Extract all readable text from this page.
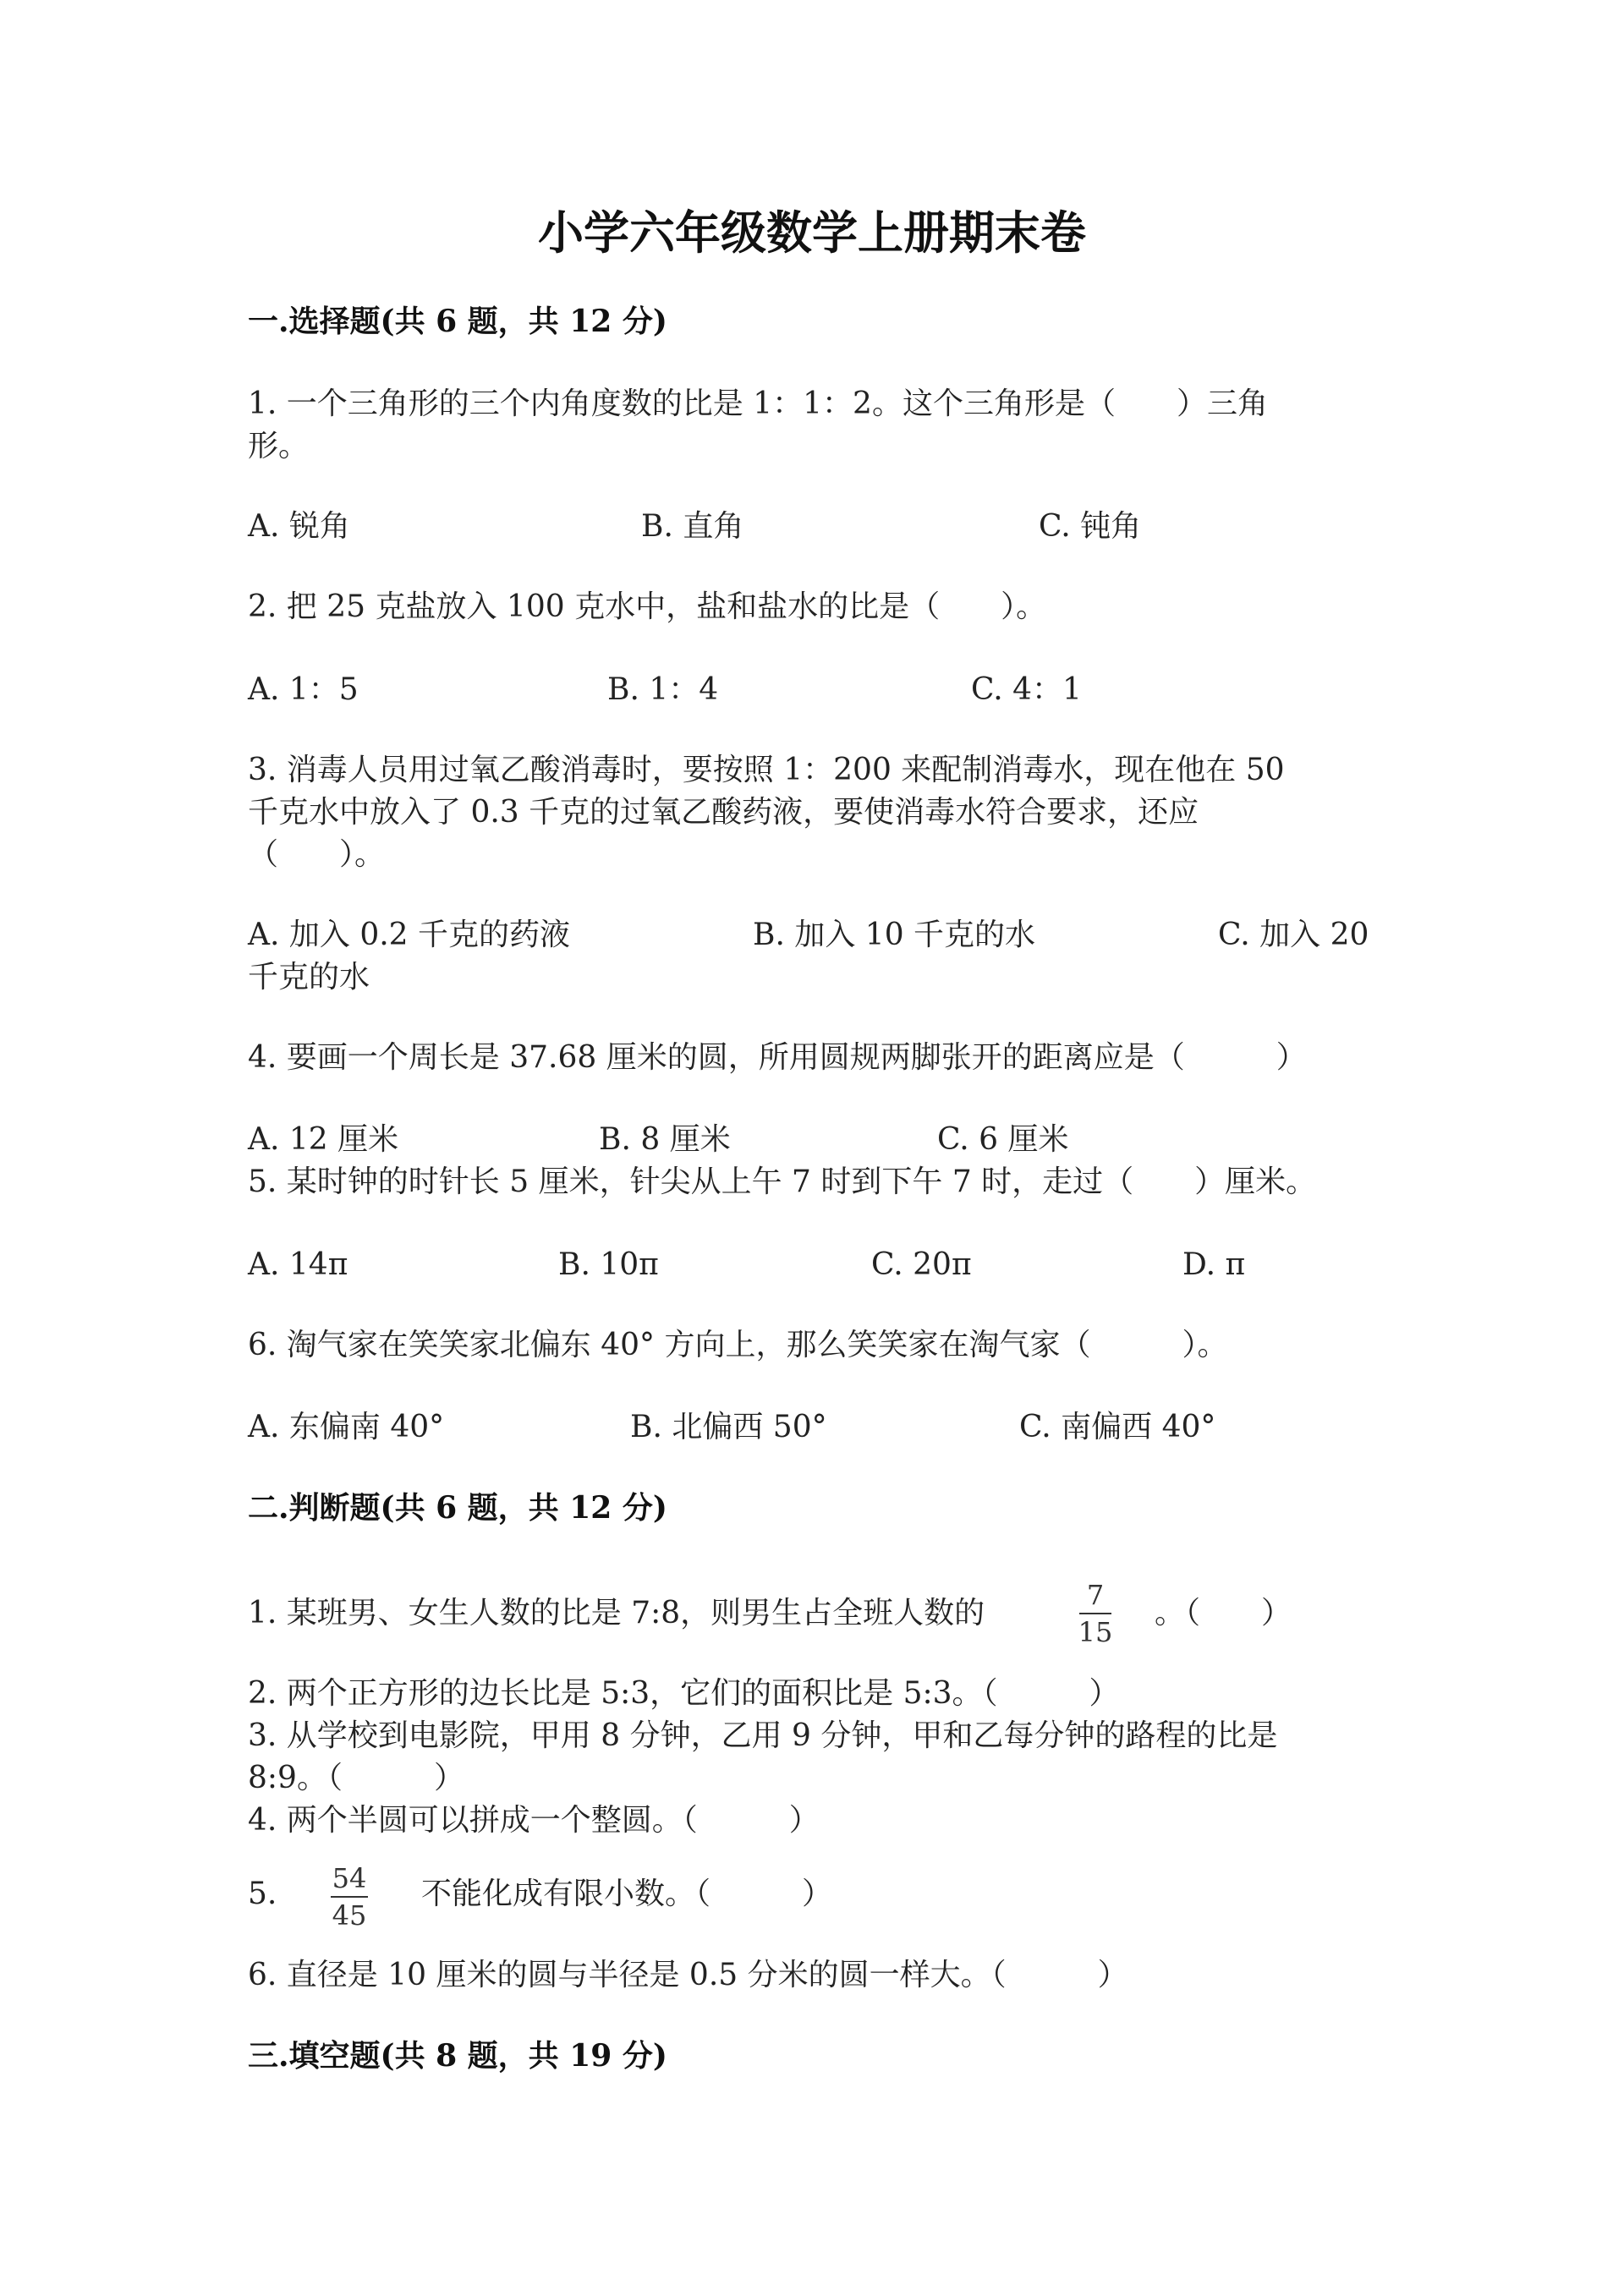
小学六年级数学上册期末卷
一.选择题(共 6 题，共 12 分)
1. 一个三角形的三个内角度数的比是 1：1：2。这个三角形是（　　）三角
形。
A. 锐角	B. 直角	C. 钝角
2. 把 25 克盐放入 100 克水中，盐和盐水的比是（　　）。
A. 1：5	B. 1：4	C. 4：1
3. 消毒人员用过氧乙酸消毒时，要按照 1：200 来配制消毒水，现在他在 50
千克水中放入了 0.3 千克的过氧乙酸药液，要使消毒水符合要求，还应
（　　）。
A. 加入 0.2 千克的药液	B. 加入 10 千克的水	C. 加入 20
千克的水
4. 要画一个周长是 37.68 厘米的圆，所用圆规两脚张开的距离应是（　　　）
A. 12 厘米	B. 8 厘米	C. 6 厘米
5. 某时钟的时针长 5 厘米，针尖从上午 7 时到下午 7 时，走过（　　）厘米。
A. 14π	B. 10π	C. 20π	D. π
6. 淘气家在笑笑家北偏东 40° 方向上，那么笑笑家在淘气家（　　　）。
A. 东偏南 40°	B. 北偏西 50°	C. 南偏西 40°
二.判断题(共 6 题，共 12 分)
1. 某班男、女生人数的比是 7:8，则男生占全班人数的
7
15
。（　　）
2. 两个正方形的边长比是 5:3，它们的面积比是 5:3。（　　　）
3. 从学校到电影院，甲用 8 分钟，乙用 9 分钟，甲和乙每分钟的路程的比是
8:9。（　　　）
4. 两个半圆可以拼成一个整圆。（　　　）
5. 54
45
不能化成有限小数。（　　　）
6. 直径是 10 厘米的圆与半径是 0.5 分米的圆一样大。（　　　）
三.填空题(共 8 题，共 19 分)
